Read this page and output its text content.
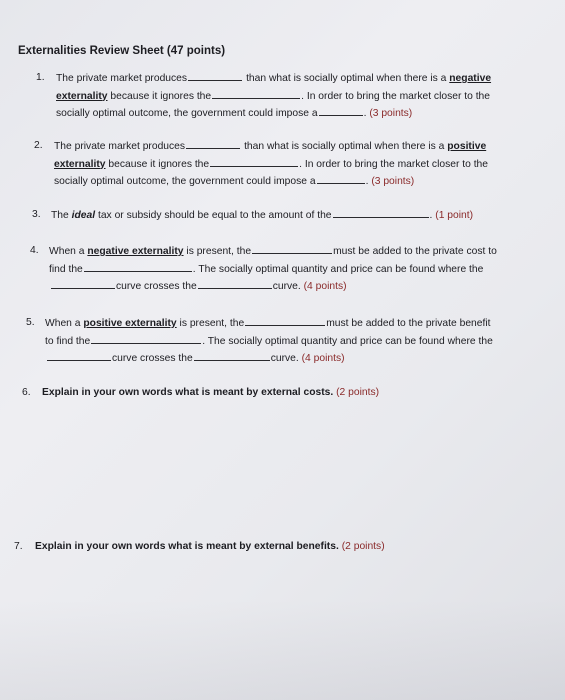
Externalities Review Sheet (47 points)
1. The private market produces	than what is socially optimal when there is a negative
externality because it ignores the	. In order to bring the market closer to the
socially optimal outcome, the government could impose a	. (3 points)
2. The private market produces	than what is socially optimal when there is a positive
externality because it ignores the	. In order to bring the market closer to the
socially optimal outcome, the government could impose a	. (3 points)
3. The ideal tax or subsidy should be equal to the amount of the	. (1 point)
4. When a negative externality is present, the	must be added to the private cost to
find the	. The socially optimal quantity and price can be found where the
curve crosses the	curve. (4 points)
5. When a positive externality is present, the	must be added to the private benefit
to find the	. The socially optimal quantity and price can be found where the
curve crosses the	curve. (4 points)
6. Explain in your own words what is meant by external costs. (2 points)
7. Explain in your own words what is meant by external benefits. (2 points)
